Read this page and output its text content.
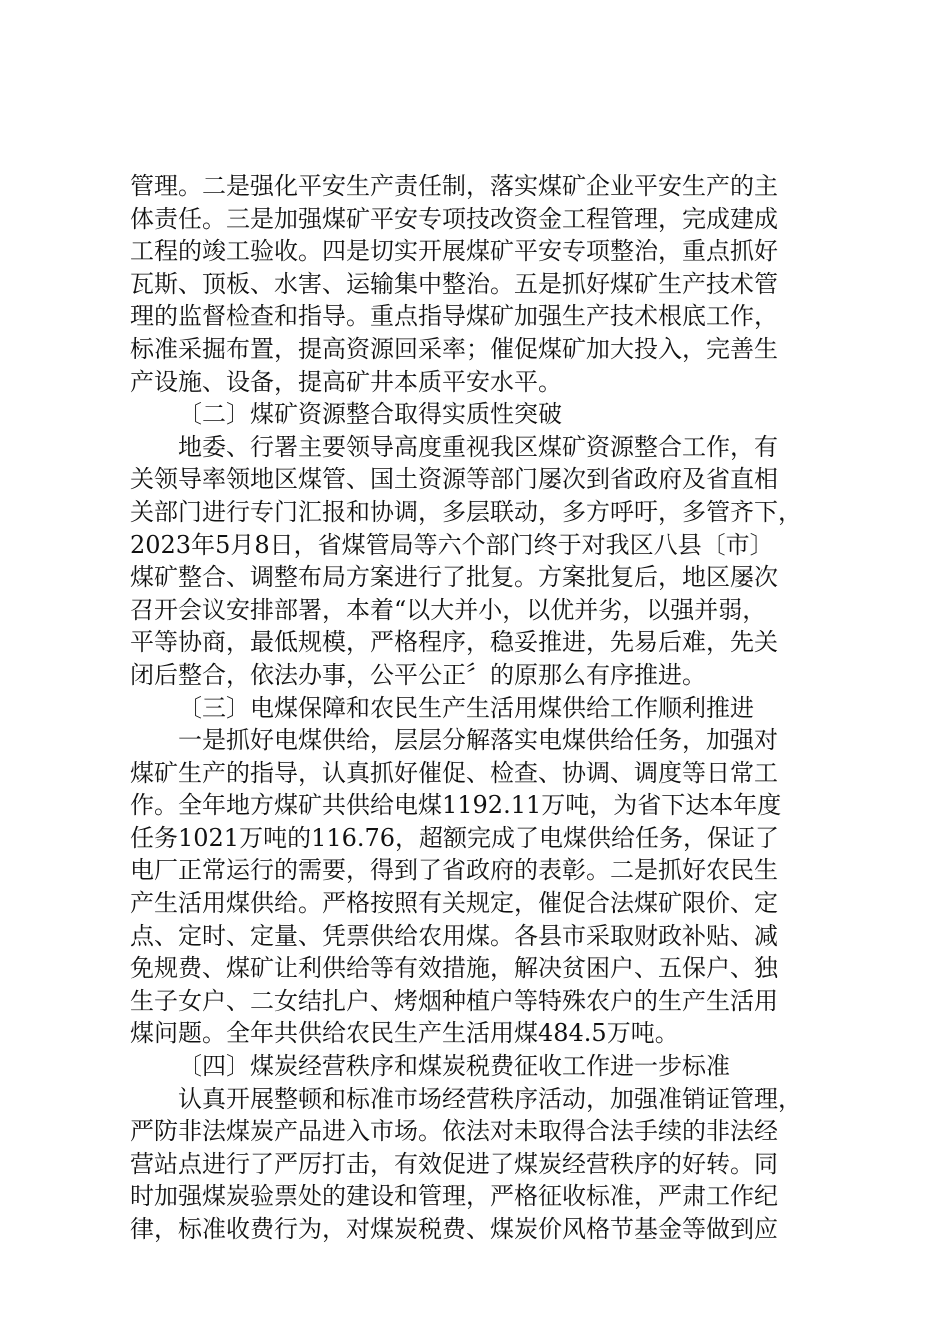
管理。二是强化平安生产责任制，落实煤矿企业平安生产的主
体责任。三是加强煤矿平安专项技改资金工程管理，完成建成
工程的竣工验收。四是切实开展煤矿平安专项整治，重点抓好
瓦斯、顶板、水害、运输集中整治。五是抓好煤矿生产技术管
理的监督检查和指导。重点指导煤矿加强生产技术根底工作，
标准采掘布置，提高资源回采率；催促煤矿加大投入，完善生
产设施、设备，提高矿井本质平安水平。
〔二〕煤矿资源整合取得实质性突破
地委、行署主要领导高度重视我区煤矿资源整合工作，有
关领导率领地区煤管、国土资源等部门屡次到省政府及省直相
关部门进行专门汇报和协调，多层联动，多方呼吁，多管齐下，
2023年5月8日，省煤管局等六个部门终于对我区八县〔市〕
煤矿整合、调整布局方案进行了批复。方案批复后，地区屡次
召开会议安排部署，本着“以大并小，以优并劣，以强并弱，
平等协商，最低规模，严格程序，稳妥推进，先易后难，先关
闭后整合，依法办事，公平公正〞的原那么有序推进。
〔三〕电煤保障和农民生产生活用煤供给工作顺利推进
一是抓好电煤供给，层层分解落实电煤供给任务，加强对
煤矿生产的指导，认真抓好催促、检查、协调、调度等日常工
作。全年地方煤矿共供给电煤1192.11万吨，为省下达本年度
任务1021万吨的116.76，超额完成了电煤供给任务，保证了
电厂正常运行的需要，得到了省政府的表彰。二是抓好农民生
产生活用煤供给。严格按照有关规定，催促合法煤矿限价、定
点、定时、定量、凭票供给农用煤。各县市采取财政补贴、减
免规费、煤矿让利供给等有效措施，解决贫困户、五保户、独
生子女户、二女结扎户、烤烟种植户等特殊农户的生产生活用
煤问题。全年共供给农民生产生活用煤484.5万吨。
〔四〕煤炭经营秩序和煤炭税费征收工作进一步标准
认真开展整顿和标准市场经营秩序活动，加强准销证管理，
严防非法煤炭产品进入市场。依法对未取得合法手续的非法经
营站点进行了严厉打击，有效促进了煤炭经营秩序的好转。同
时加强煤炭验票处的建设和管理，严格征收标准，严肃工作纪
律，标准收费行为，对煤炭税费、煤炭价风格节基金等做到应
